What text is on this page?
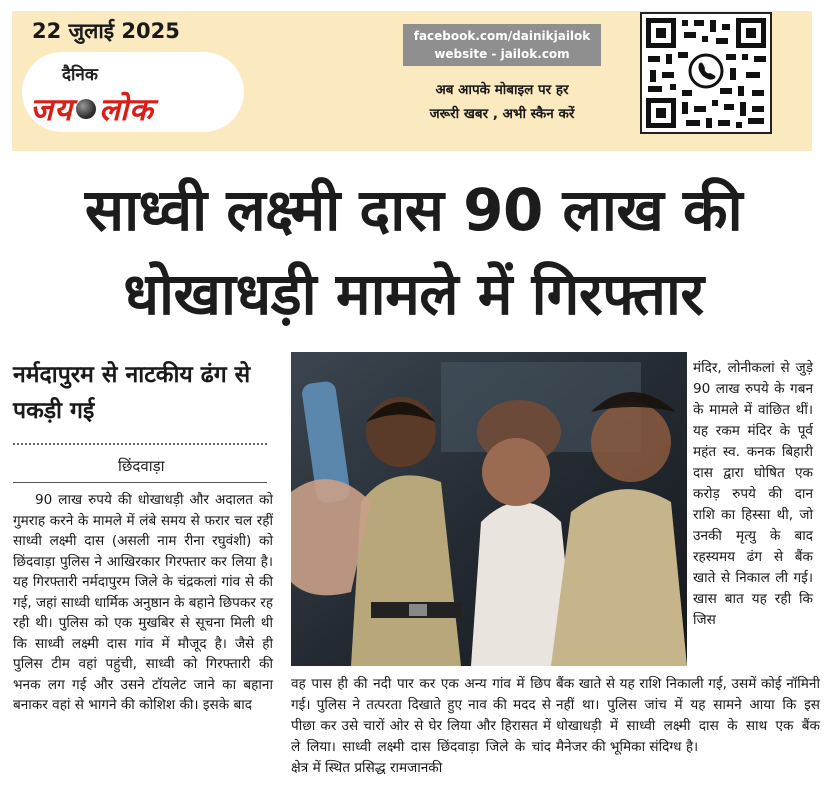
22 जुलाई 2025
दैनिक
जय लोक
facebook.com/dainikjailok
website - jailok.com
अब आपके मोबाइल पर हर
जरूरी खबर , अभी स्कैन करें
साध्वी लक्ष्मी दास 90 लाख की
धोखाधड़ी मामले में गिरफ्तार
नर्मदापुरम से नाटकीय ढंग से पकड़ी गई
छिंदवाड़ा

90 लाख रुपये की धोखाधड़ी और अदालत को गुमराह करने के मामले में लंबे समय से फरार चल रहीं साध्वी लक्ष्मी दास (असली नाम रीना रघुवंशी) को छिंदवाड़ा पुलिस ने आखिरकार गिरफ्तार कर लिया है। यह गिरफ्तारी नर्मदापुरम जिले के चंद्रकलां गांव से की गई, जहां साध्वी धार्मिक अनुष्ठान के बहाने छिपकर रह रही थी। पुलिस को एक मुखबिर से सूचना मिली थी कि साध्वी लक्ष्मी दास गांव में मौजूद है। जैसे ही पुलिस टीम वहां पहुंची, साध्वी को गिरफ्तारी की भनक लग गई और उसने टॉयलेट जाने का बहाना बनाकर वहां से भागने की कोशिश की। इसके बाद

वह पास ही की नदी पार कर एक अन्य गांव में छिप गई। पुलिस ने तत्परता दिखाते हुए नाव की मदद से पीछा कर उसे चारों ओर से घेर लिया और हिरासत में ले लिया। साध्वी लक्ष्मी दास छिंदवाड़ा जिले के चांद क्षेत्र में स्थित प्रसिद्ध रामजानकी
मंदिर, लोनीकलां से जुड़े 90 लाख रुपये के गबन के मामले में वांछित थीं। यह रकम मंदिर के पूर्व महंत स्व. कनक बिहारी दास द्वारा घोषित एक करोड़ रुपये की दान राशि का हिस्सा थी, जो उनकी मृत्यु के बाद रहस्यमय ढंग से बैंक खाते से निकाल ली गई। खास बात यह रही कि जिस
बैंक खाते से यह राशि निकाली गई, उसमें कोई नॉमिनी नहीं था। पुलिस जांच में यह सामने आया कि इस धोखाधड़ी में साध्वी लक्ष्मी दास के साथ एक बैंक मैनेजर की भूमिका संदिग्ध है।
